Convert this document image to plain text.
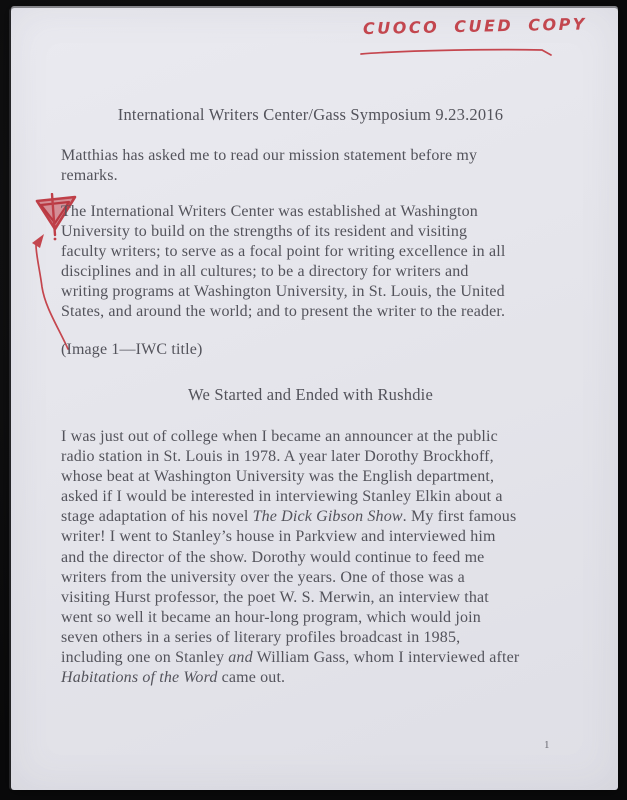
CUOCO CUED COPY
International Writers Center/Gass Symposium 9.23.2016

Matthias has asked me to read our mission statement before my
remarks.

The International Writers Center was established at Washington
University to build on the strengths of its resident and visiting
faculty writers; to serve as a focal point for writing excellence in all
disciplines and in all cultures; to be a directory for writers and
writing programs at Washington University, in St. Louis, the United
States, and around the world; and to present the writer to the reader.

(Image 1—IWC title)

We Started and Ended with Rushdie

I was just out of college when I became an announcer at the public
radio station in St. Louis in 1978. A year later Dorothy Brockhoff,
whose beat at Washington University was the English department,
asked if I would be interested in interviewing Stanley Elkin about a
stage adaptation of his novel The Dick Gibson Show. My first famous
writer! I went to Stanley’s house in Parkview and interviewed him
and the director of the show. Dorothy would continue to feed me
writers from the university over the years. One of those was a
visiting Hurst professor, the poet W. S. Merwin, an interview that
went so well it became an hour-long program, which would join
seven others in a series of literary profiles broadcast in 1985,
including one on Stanley and William Gass, whom I interviewed after
Habitations of the Word came out.

1
